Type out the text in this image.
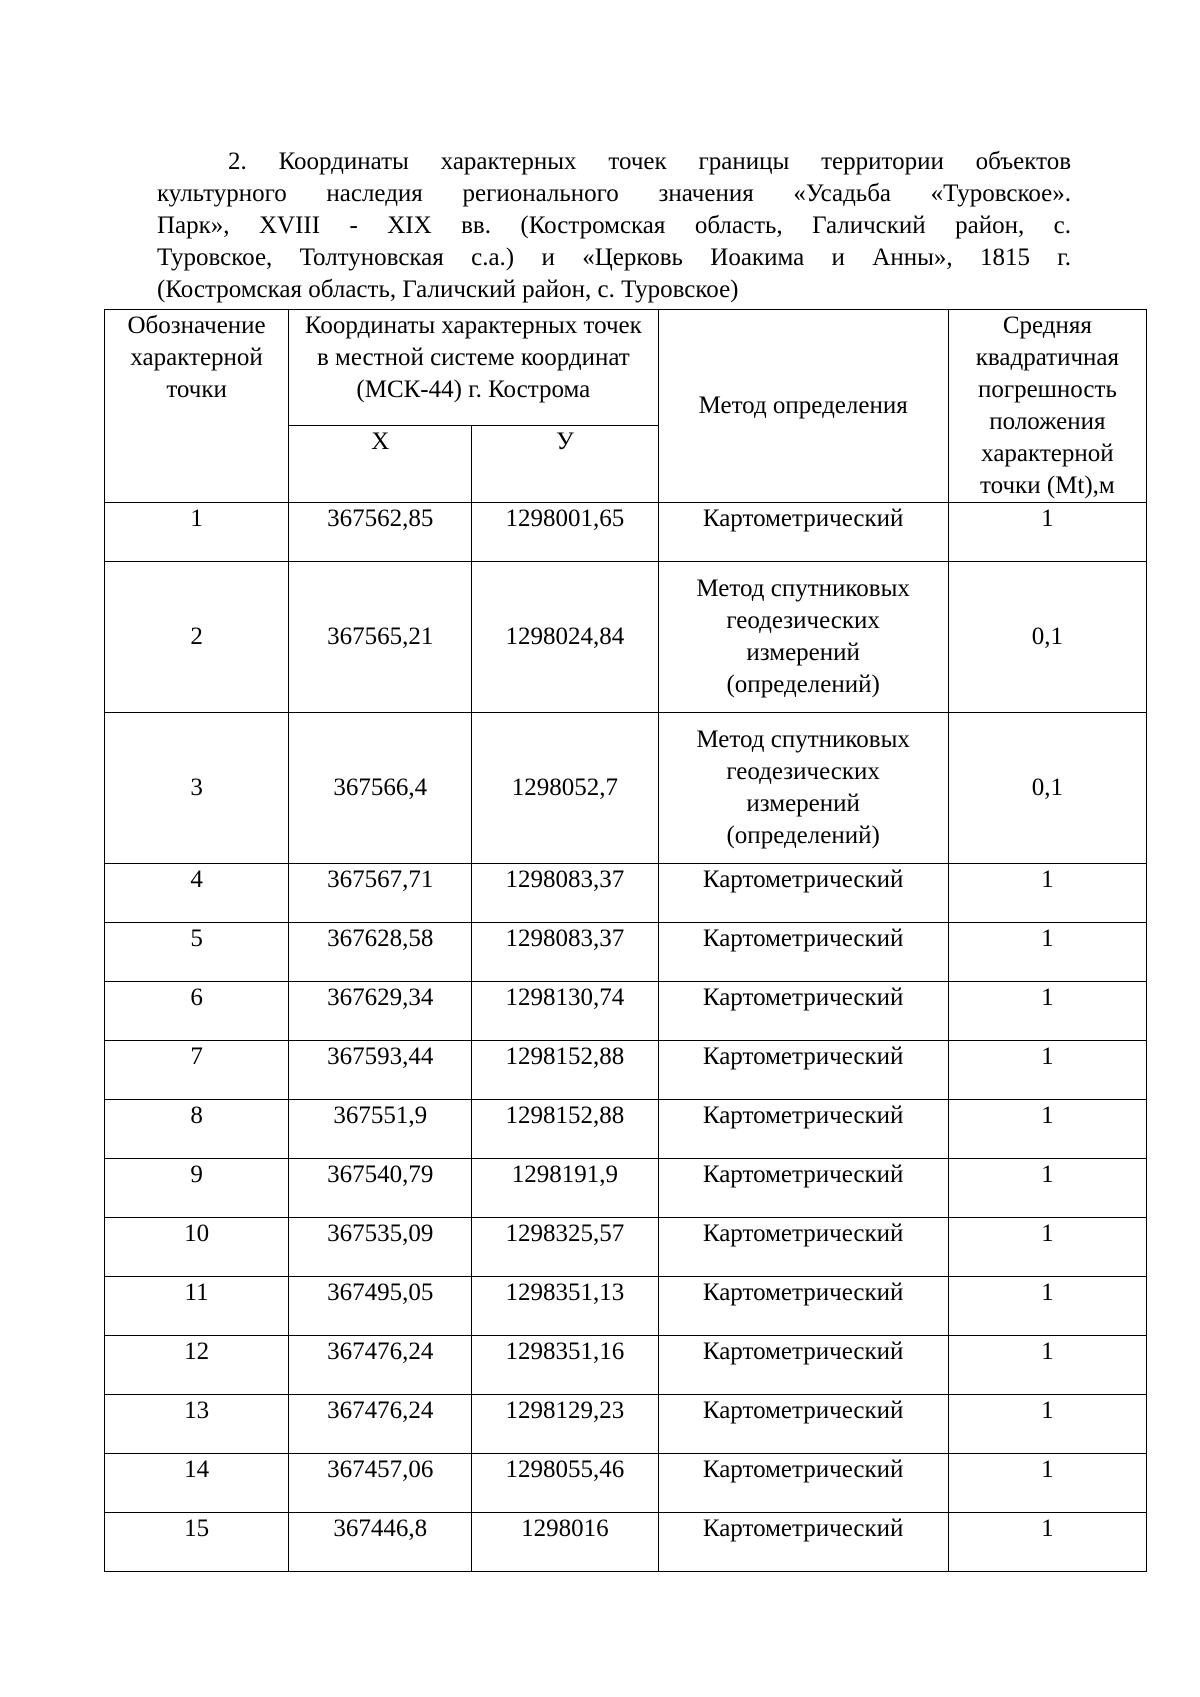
2. Координаты характерных точек границы территории объектов
культурного наследия регионального значения «Усадьба «Туровское».
Парк», XVIII - XIX вв. (Костромская область, Галичский район, с.
Туровское, Толтуновская с.а.) и «Церковь Иоакима и Анны», 1815 г.
(Костромская область, Галичский район, с. Туровское)
Обозначение характерной точки	Координаты характерных точек в местной системе координат (МСК-44) г. Кострома		Метод определения	Средняя квадратичная погрешность положения характерной точки (Mt),м
	X	У		

1	367562,85	1298001,65	Картометрический	1

2	367565,21	1298024,84	Метод спутниковых геодезических измерений (определений)	0,1

3	367566,4	1298052,7	Метод спутниковых геодезических измерений (определений)	0,1

4	367567,71	1298083,37	Картометрический	1

5	367628,58	1298083,37	Картометрический	1

6	367629,34	1298130,74	Картометрический	1

7	367593,44	1298152,88	Картометрический	1

8	367551,9	1298152,88	Картометрический	1

9	367540,79	1298191,9	Картометрический	1

10	367535,09	1298325,57	Картометрический	1

11	367495,05	1298351,13	Картометрический	1

12	367476,24	1298351,16	Картометрический	1

13	367476,24	1298129,23	Картометрический	1

14	367457,06	1298055,46	Картометрический	1

15	367446,8	1298016	Картометрический	1
